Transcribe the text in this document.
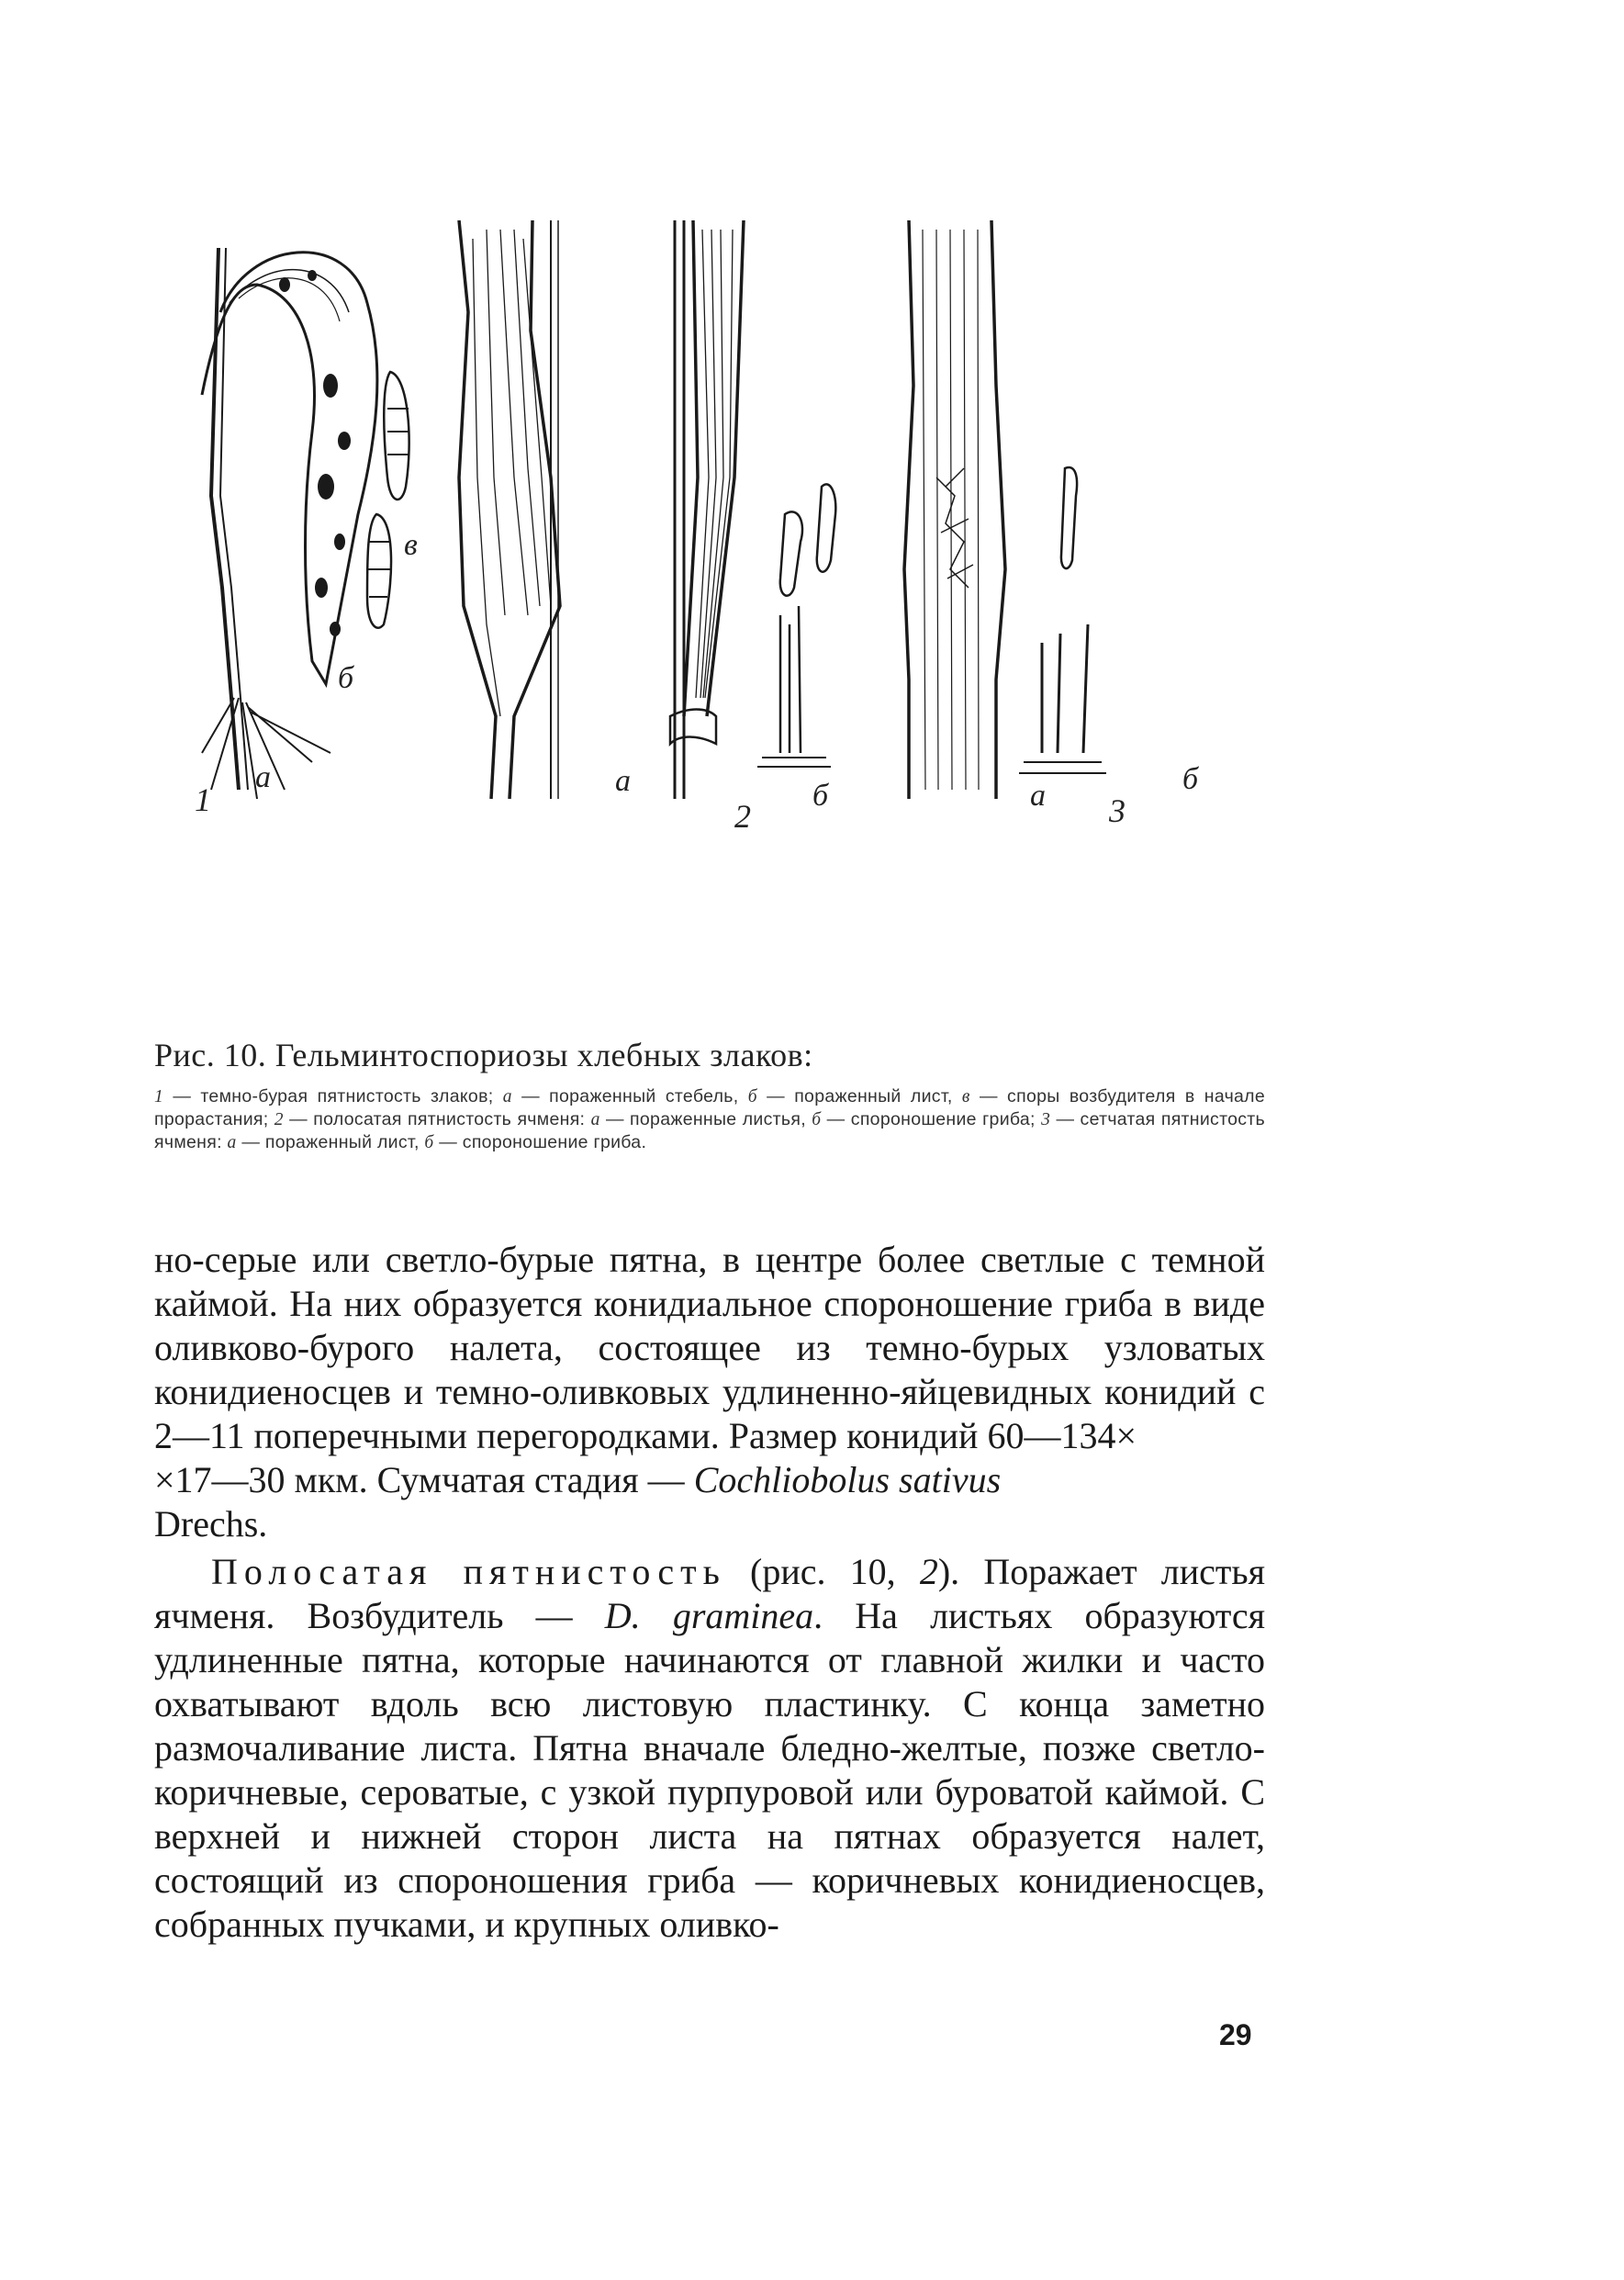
1
а
б
в
а
2
б	а 3
б
Рис. 10. Гельминтоспориозы хлебных злаков:
1 — темно-бурая пятнистость злаков; а — пораженный стебель, б — пораженный лист, в — споры возбудителя в начале прорастания; 2 — полосатая пятнистость ячменя: а — пораженные листья, б — спороношение гриба; 3 — сетчатая пятнистость ячменя: а — пораженный лист, б — спороношение гриба.

но-серые или светло-бурые пятна, в центре более светлые с темной каймой. На них образуется конидиальное спороношение гриба в виде оливково-бурого налета, состоящее из темно-бурых узловатых конидиеносцев и темно-оливковых удлиненно-яйцевидных конидий с 2—11 поперечными перегородками. Размер конидий 60—134×
×17—30 мкм. Сумчатая стадия — Cochliobolus sativus
Drechs.

Полосатая пятнистость (рис. 10, 2). Поражает листья ячменя. Возбудитель — D. graminea. На листьях образуются удлиненные пятна, которые начинаются от главной жилки и часто охватывают вдоль всю листовую пластинку. С конца заметно размочаливание листа. Пятна вначале бледно-желтые, позже светло-коричневые, сероватые, с узкой пурпуровой или буроватой каймой. С верхней и нижней сторон листа на пятнах образуется налет, состоящий из спороношения гриба — коричневых конидиеносцев, собранных пучками, и крупных оливко-

29
